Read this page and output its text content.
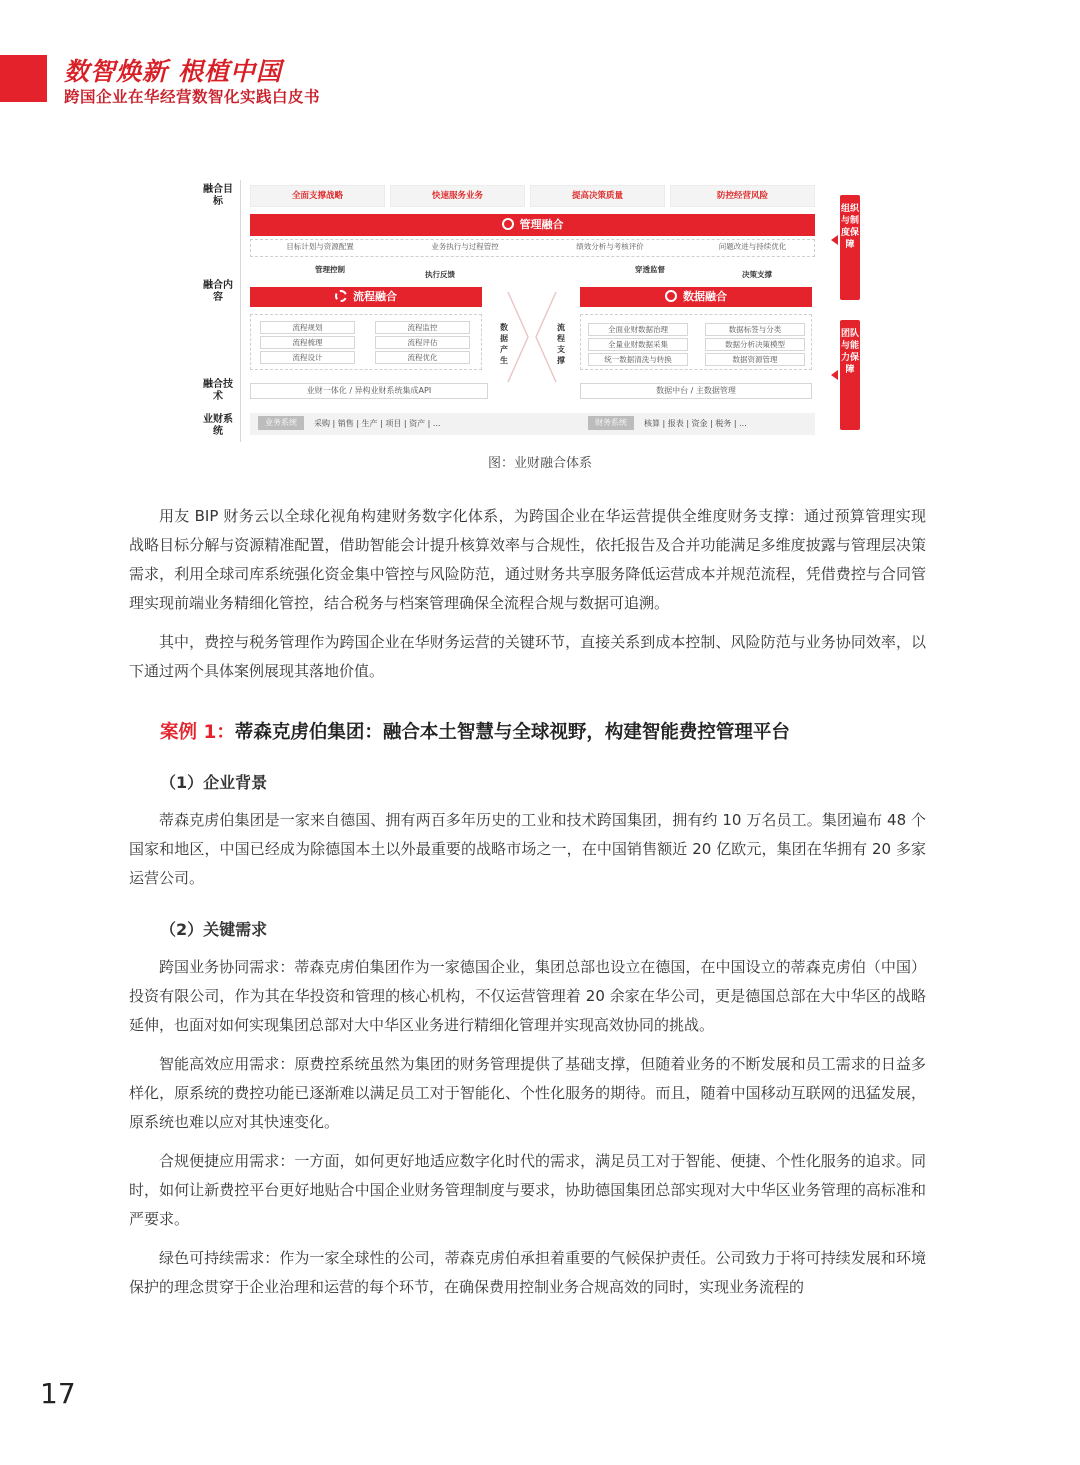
数智焕新 根植中国
跨国企业在华经营数智化实践白皮书
融合目标
融合内容
融合技术
业财系统
全面支撑战略	快速服务业务	提高决策质量	防控经营风险
管理融合
目标计划与资源配置	业务执行与过程管控	绩效分析与考核评价	问题改进与持续优化
管理控制
执行反馈
穿透监督
决策支撑
流程融合
流程规划	流程监控
流程梳理	流程评估
流程设计	流程优化
数据产生
流程支撑
数据融合
全面业财数据治理	数据标签与分类
全量业财数据采集	数据分析决策模型
统一数据清洗与转换	数据资源管理
业财一体化 / 异构业财系统集成API	数据中台 / 主数据管理
业务系统 采购 | 销售 | 生产 | 项目 | 资产 | ...	财务系统 核算 | 报表 | 资金 | 税务 | ...
组织与制度保障
团队与能力保障
图：业财融合体系
用友 BIP 财务云以全球化视角构建财务数字化体系，为跨国企业在华运营提供全维度财务支撑：通过预算管理实现战略目标分解与资源精准配置，借助智能会计提升核算效率与合规性，依托报告及合并功能满足多维度披露与管理层决策需求，利用全球司库系统强化资金集中管控与风险防范，通过财务共享服务降低运营成本并规范流程，凭借费控与合同管理实现前端业务精细化管控，结合税务与档案管理确保全流程合规与数据可追溯。
其中，费控与税务管理作为跨国企业在华财务运营的关键环节，直接关系到成本控制、风险防范与业务协同效率，以下通过两个具体案例展现其落地价值。
案例 1：蒂森克虏伯集团：融合本土智慧与全球视野，构建智能费控管理平台
（1）企业背景
蒂森克虏伯集团是一家来自德国、拥有两百多年历史的工业和技术跨国集团，拥有约 10 万名员工。集团遍布 48 个国家和地区，中国已经成为除德国本土以外最重要的战略市场之一，在中国销售额近 20 亿欧元，集团在华拥有 20 多家运营公司。
（2）关键需求
跨国业务协同需求：蒂森克虏伯集团作为一家德国企业，集团总部也设立在德国，在中国设立的蒂森克虏伯（中国）投资有限公司，作为其在华投资和管理的核心机构，不仅运营管理着 20 余家在华公司，更是德国总部在大中华区的战略延伸，也面对如何实现集团总部对大中华区业务进行精细化管理并实现高效协同的挑战。
智能高效应用需求：原费控系统虽然为集团的财务管理提供了基础支撑，但随着业务的不断发展和员工需求的日益多样化，原系统的费控功能已逐渐难以满足员工对于智能化、个性化服务的期待。而且，随着中国移动互联网的迅猛发展，原系统也难以应对其快速变化。
合规便捷应用需求：一方面，如何更好地适应数字化时代的需求，满足员工对于智能、便捷、个性化服务的追求。同时，如何让新费控平台更好地贴合中国企业财务管理制度与要求，协助德国集团总部实现对大中华区业务管理的高标准和严要求。
绿色可持续需求：作为一家全球性的公司，蒂森克虏伯承担着重要的气候保护责任。公司致力于将可持续发展和环境保护的理念贯穿于企业治理和运营的每个环节，在确保费用控制业务合规高效的同时，实现业务流程的
17
